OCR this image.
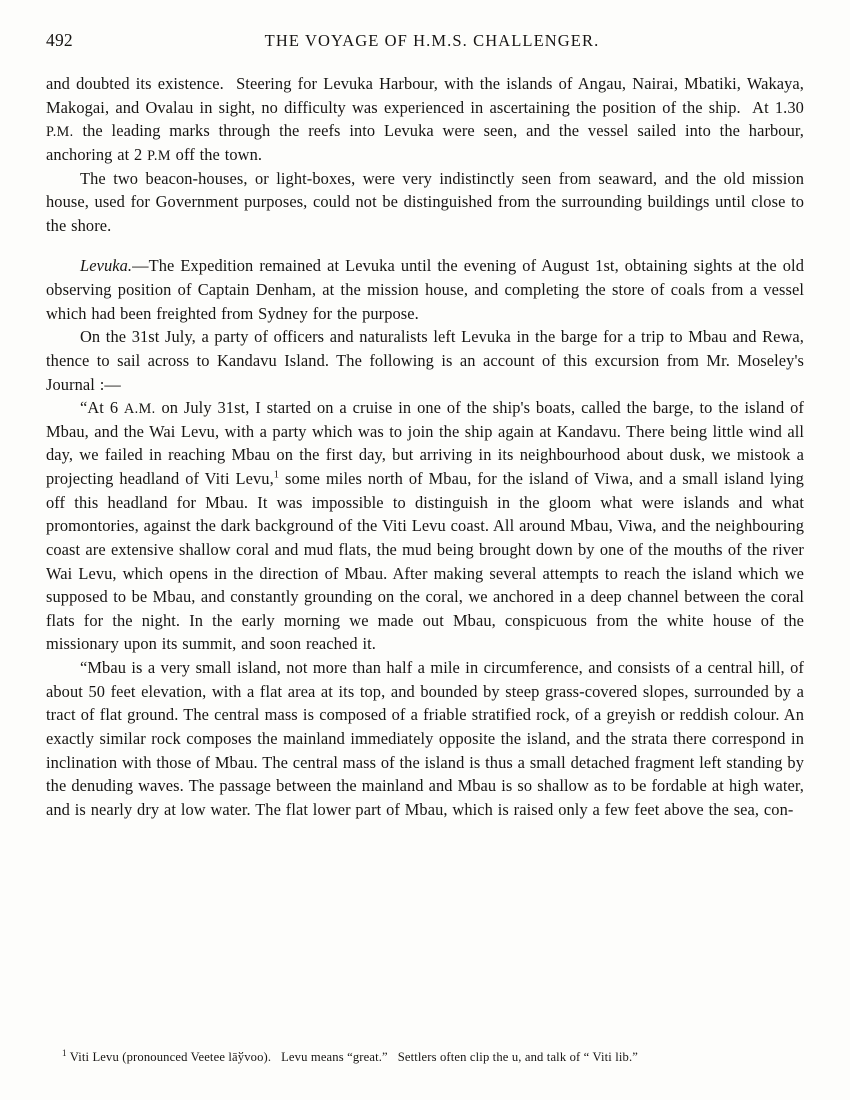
492	THE VOYAGE OF H.M.S. CHALLENGER.

and doubted its existence. Steering for Levuka Harbour, with the islands of Angau, Nairai, Mbatiki, Wakaya, Makogai, and Ovalau in sight, no difficulty was experienced in ascertaining the position of the ship. At 1.30 P.M. the leading marks through the reefs into Levuka were seen, and the vessel sailed into the harbour, anchoring at 2 P.M off the town.

The two beacon-houses, or light-boxes, were very indistinctly seen from seaward, and the old mission house, used for Government purposes, could not be distinguished from the surrounding buildings until close to the shore.

Levuka.—The Expedition remained at Levuka until the evening of August 1st, obtaining sights at the old observing position of Captain Denham, at the mission house, and completing the store of coals from a vessel which had been freighted from Sydney for the purpose.

On the 31st July, a party of officers and naturalists left Levuka in the barge for a trip to Mbau and Rewa, thence to sail across to Kandavu Island. The following is an account of this excursion from Mr. Moseley's Journal :—

“At 6 A.M. on July 31st, I started on a cruise in one of the ship's boats, called the barge, to the island of Mbau, and the Wai Levu, with a party which was to join the ship again at Kandavu. There being little wind all day, we failed in reaching Mbau on the first day, but arriving in its neighbourhood about dusk, we mistook a projecting headland of Viti Levu,$^1$ some miles north of Mbau, for the island of Viwa, and a small island lying off this headland for Mbau. It was impossible to distinguish in the gloom what were islands and what promontories, against the dark background of the Viti Levu coast. All around Mbau, Viwa, and the neighbouring coast are extensive shallow coral and mud flats, the mud being brought down by one of the mouths of the river Wai Levu, which opens in the direction of Mbau. After making several attempts to reach the island which we supposed to be Mbau, and constantly grounding on the coral, we anchored in a deep channel between the coral flats for the night. In the early morning we made out Mbau, conspicuous from the white house of the missionary upon its summit, and soon reached it.

“Mbau is a very small island, not more than half a mile in circumference, and consists of a central hill, of about 50 feet elevation, with a flat area at its top, and bounded by steep grass-covered slopes, surrounded by a tract of flat ground. The central mass is composed of a friable stratified rock, of a greyish or reddish colour. An exactly similar rock composes the mainland immediately opposite the island, and the strata there correspond in inclination with those of Mbau. The central mass of the island is thus a small detached fragment left standing by the denuding waves. The passage between the mainland and Mbau is so shallow as to be fordable at high water, and is nearly dry at low water. The flat lower part of Mbau, which is raised only a few feet above the sea, con-

$^1$ Viti Levu (pronounced Veetee lāўvoo). Levu means “great.” Settlers often clip the u, and talk of “ Viti lib.”
